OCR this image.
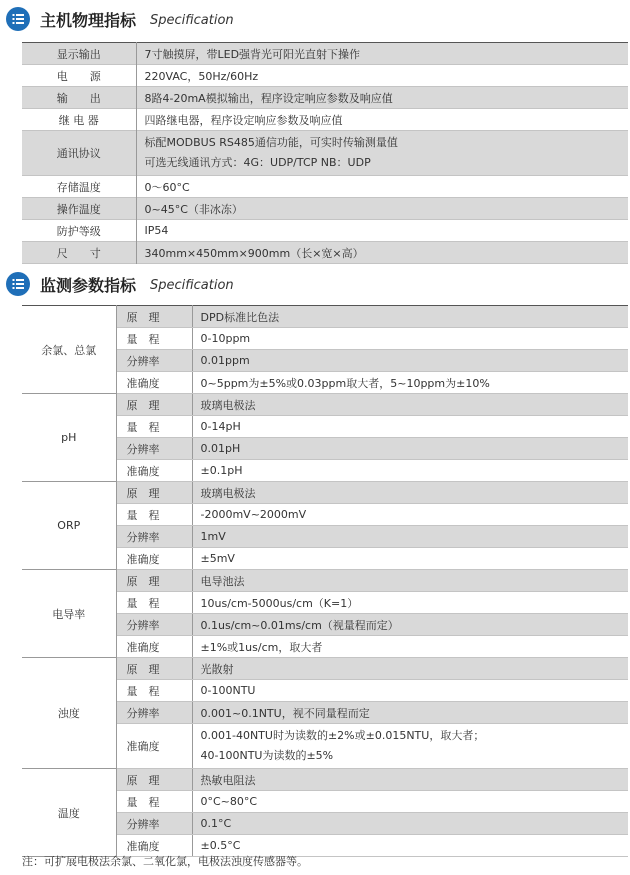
主机物理指标 Specification
显示输出	7寸触摸屏，带LED强背光可阳光直射下操作

电　　源	220VAC，50Hz/60Hz

输　　出	8路4-20mA模拟输出，程序设定响应参数及响应值

继 电 器	四路继电器，程序设定响应参数及响应值

通讯协议	标配MODBUS RS485通信功能，可实时传输测量值
可选无线通讯方式：4G：UDP/TCP NB：UDP

存储温度	0～60°C

操作温度	0~45°C（非冰冻）

防护等级	IP54

尺　　寸	340mm×450mm×900mm（长×宽×高）
监测参数指标 Specification
余氯、总氯	原　理	DPD标准比色法

	量　程	0-10ppm

	分辨率	0.01ppm

	准确度	0~5ppm为±5%或0.03ppm取大者，5~10ppm为±10%

pH	原　理	玻璃电极法

	量　程	0-14pH

	分辨率	0.01pH

	准确度	±0.1pH

ORP	原　理	玻璃电极法

	量　程	-2000mV~2000mV

	分辨率	1mV

	准确度	±5mV

电导率	原　理	电导池法

	量　程	10us/cm-5000us/cm（K=1）

	分辨率	0.1us/cm~0.01ms/cm（视量程而定）

	准确度	±1%或1us/cm，取大者

浊度	原　理	光散射

	量　程	0-100NTU

	分辨率	0.001~0.1NTU，视不同量程而定

	准确度	0.001-40NTU时为读数的±2%或±0.015NTU，取大者；
40-100NTU为读数的±5%

温度	原　理	热敏电阻法

	量　程	0°C~80°C

	分辨率	0.1°C

	准确度	±0.5°C
注：可扩展电极法余氯、二氧化氯，电极法浊度传感器等。
